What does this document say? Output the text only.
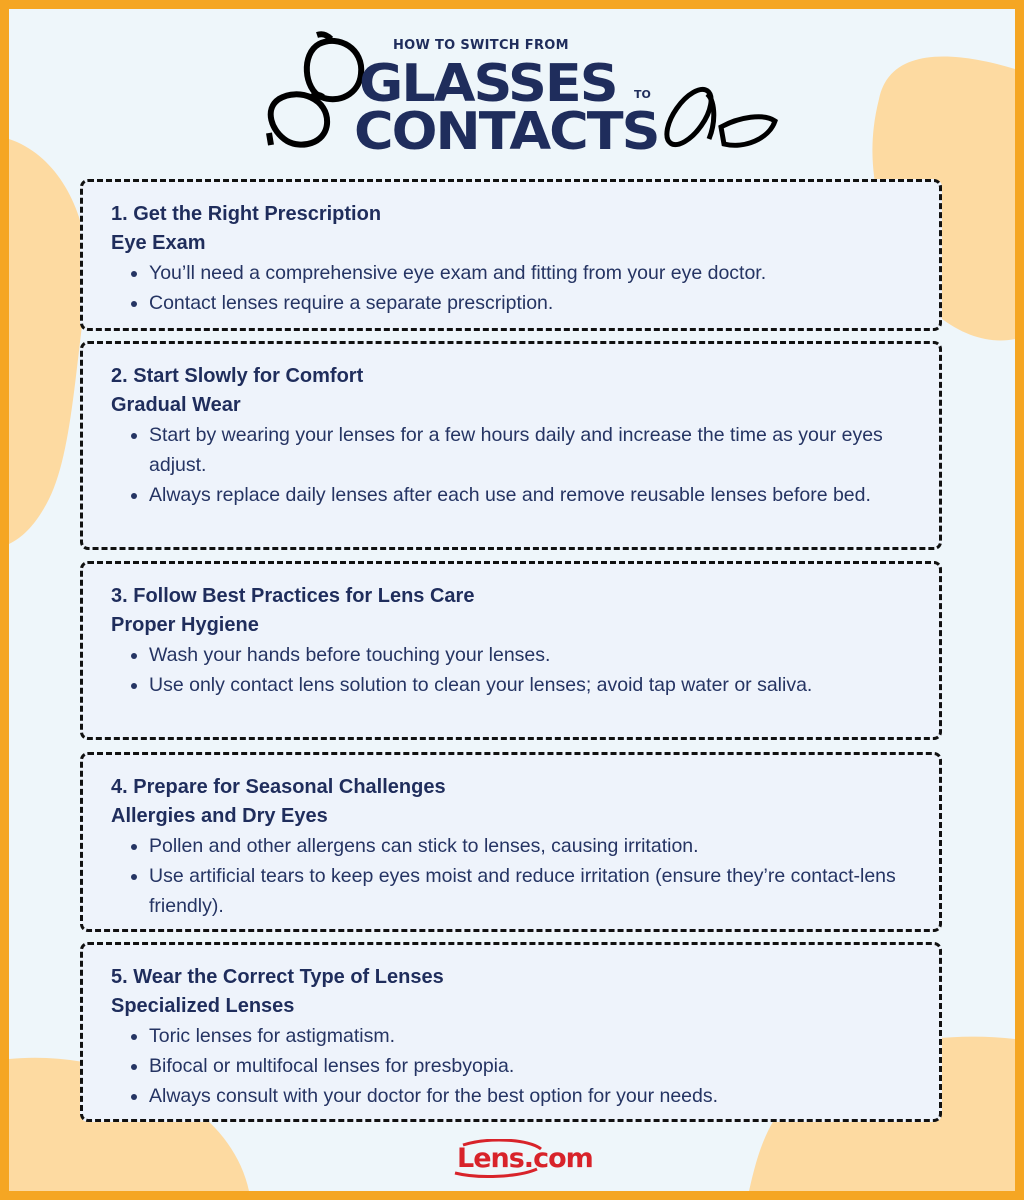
HOW TO SWITCH FROM
GLASSES TO
CONTACTS
1. Get the Right Prescription
Eye Exam
• You’ll need a comprehensive eye exam and fitting from your eye doctor.
• Contact lenses require a separate prescription.
2. Start Slowly for Comfort
Gradual Wear
• Start by wearing your lenses for a few hours daily and increase the time as your eyes adjust.
• Always replace daily lenses after each use and remove reusable lenses before bed.
3. Follow Best Practices for Lens Care
Proper Hygiene
• Wash your hands before touching your lenses.
• Use only contact lens solution to clean your lenses; avoid tap water or saliva.
4. Prepare for Seasonal Challenges
Allergies and Dry Eyes
• Pollen and other allergens can stick to lenses, causing irritation.
• Use artificial tears to keep eyes moist and reduce irritation (ensure they’re contact-lens friendly).
5. Wear the Correct Type of Lenses
Specialized Lenses
• Toric lenses for astigmatism.
• Bifocal or multifocal lenses for presbyopia.
• Always consult with your doctor for the best option for your needs.
Lens.com
